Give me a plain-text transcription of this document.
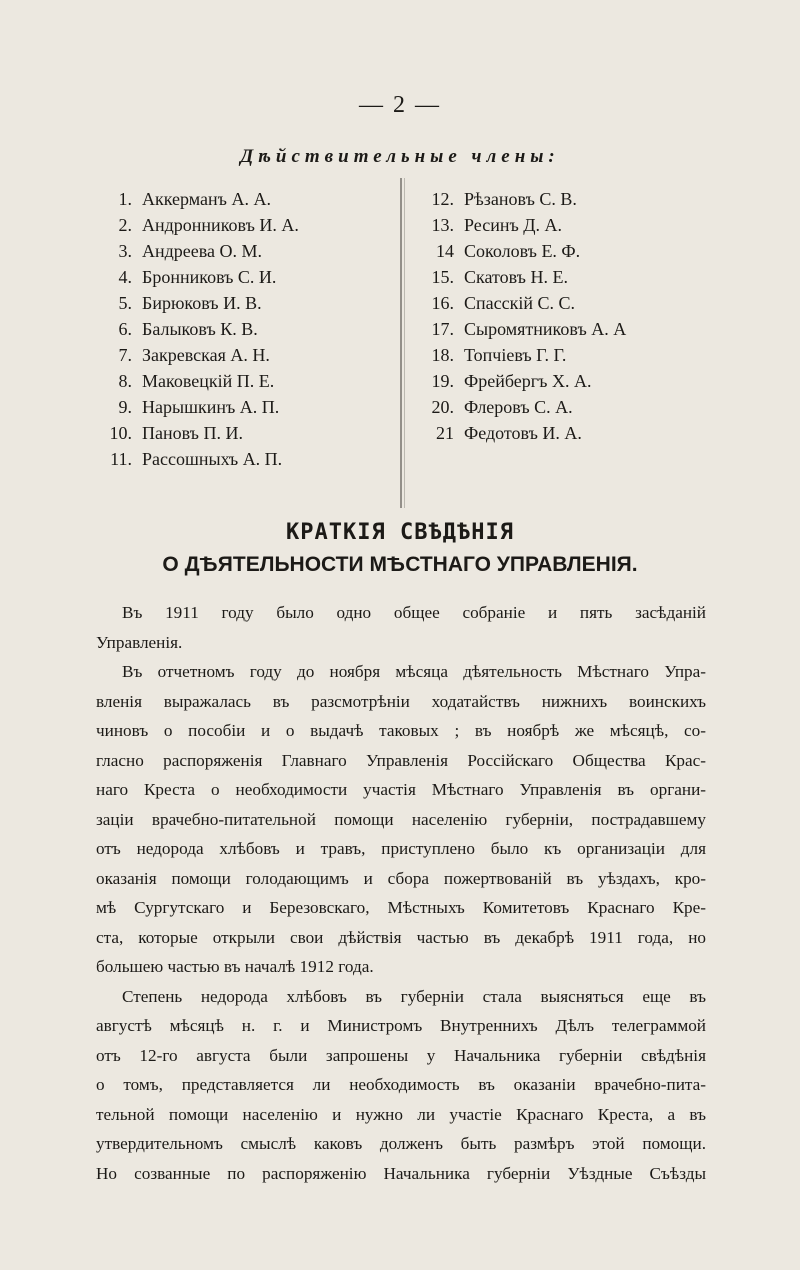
— 2 —
Дѣйствительные члены:
1. Аккерманъ А. А.
2. Андронниковъ И. А.
3. Андреева О. М.
4. Бронниковъ С. И.
5. Бирюковъ И. В.
6. Балыковъ К. В.
7. Закревская А. Н.
8. Маковецкій П. Е.
9. Нарышкинъ А. П.
10. Пановъ П. И.
11. Рассошныхъ А. П.
12. Рѣзановъ С. В.
13. Ресинъ Д. А.
14 Соколовъ Е. Ф.
15. Скатовъ Н. Е.
16. Спасскій С. С.
17. Сыромятниковъ А. А
18. Топчіевъ Г. Г.
19. Фрейбергъ Х. А.
20. Флеровъ С. А.
21 Федотовъ И. А.
КРАТКІЯ СВѢДѢНІЯ
О ДѢЯТЕЛЬНОСТИ МѢСТНАГО УПРАВЛЕНІЯ.
Въ 1911 году было одно общее собраніе и пять засѣданій
Управленія.
Въ отчетномъ году до ноября мѣсяца дѣятельность Мѣстнаго Упра-
вленія выражалась въ разсмотрѣніи ходатайствъ нижнихъ воинскихъ
чиновъ о пособіи и о выдачѣ таковых ; въ ноябрѣ же мѣсяцѣ, со-
гласно распоряженія Главнаго Управленія Россійскаго Общества Крас-
наго Креста о необходимости участія Мѣстнаго Управленія въ органи-
заціи врачебно-питательной помощи населенію губерніи, пострадавшему
отъ недорода хлѣбовъ и травъ, приступлено было къ организаціи для
оказанія помощи голодающимъ и сбора пожертвованій въ уѣздахъ, кро-
мѣ Сургутскаго и Березовскаго, Мѣстныхъ Комитетовъ Краснаго Кре-
ста, которые открыли свои дѣйствія частью въ декабрѣ 1911 года, но
большею частью въ началѣ 1912 года.
Степень недорода хлѣбовъ въ губерніи стала выясняться еще въ
августѣ мѣсяцѣ н. г. и Министромъ Внутреннихъ Дѣлъ телеграммой
отъ 12-го августа были запрошены у Начальника губерніи свѣдѣнія
о томъ, представляется ли необходимость въ оказаніи врачебно-пита-
тельной помощи населенію и нужно ли участіе Краснаго Креста, а въ
утвердительномъ смыслѣ каковъ долженъ быть размѣръ этой помощи.
Но созванные по распоряженію Начальника губерніи Уѣздные Съѣзды
